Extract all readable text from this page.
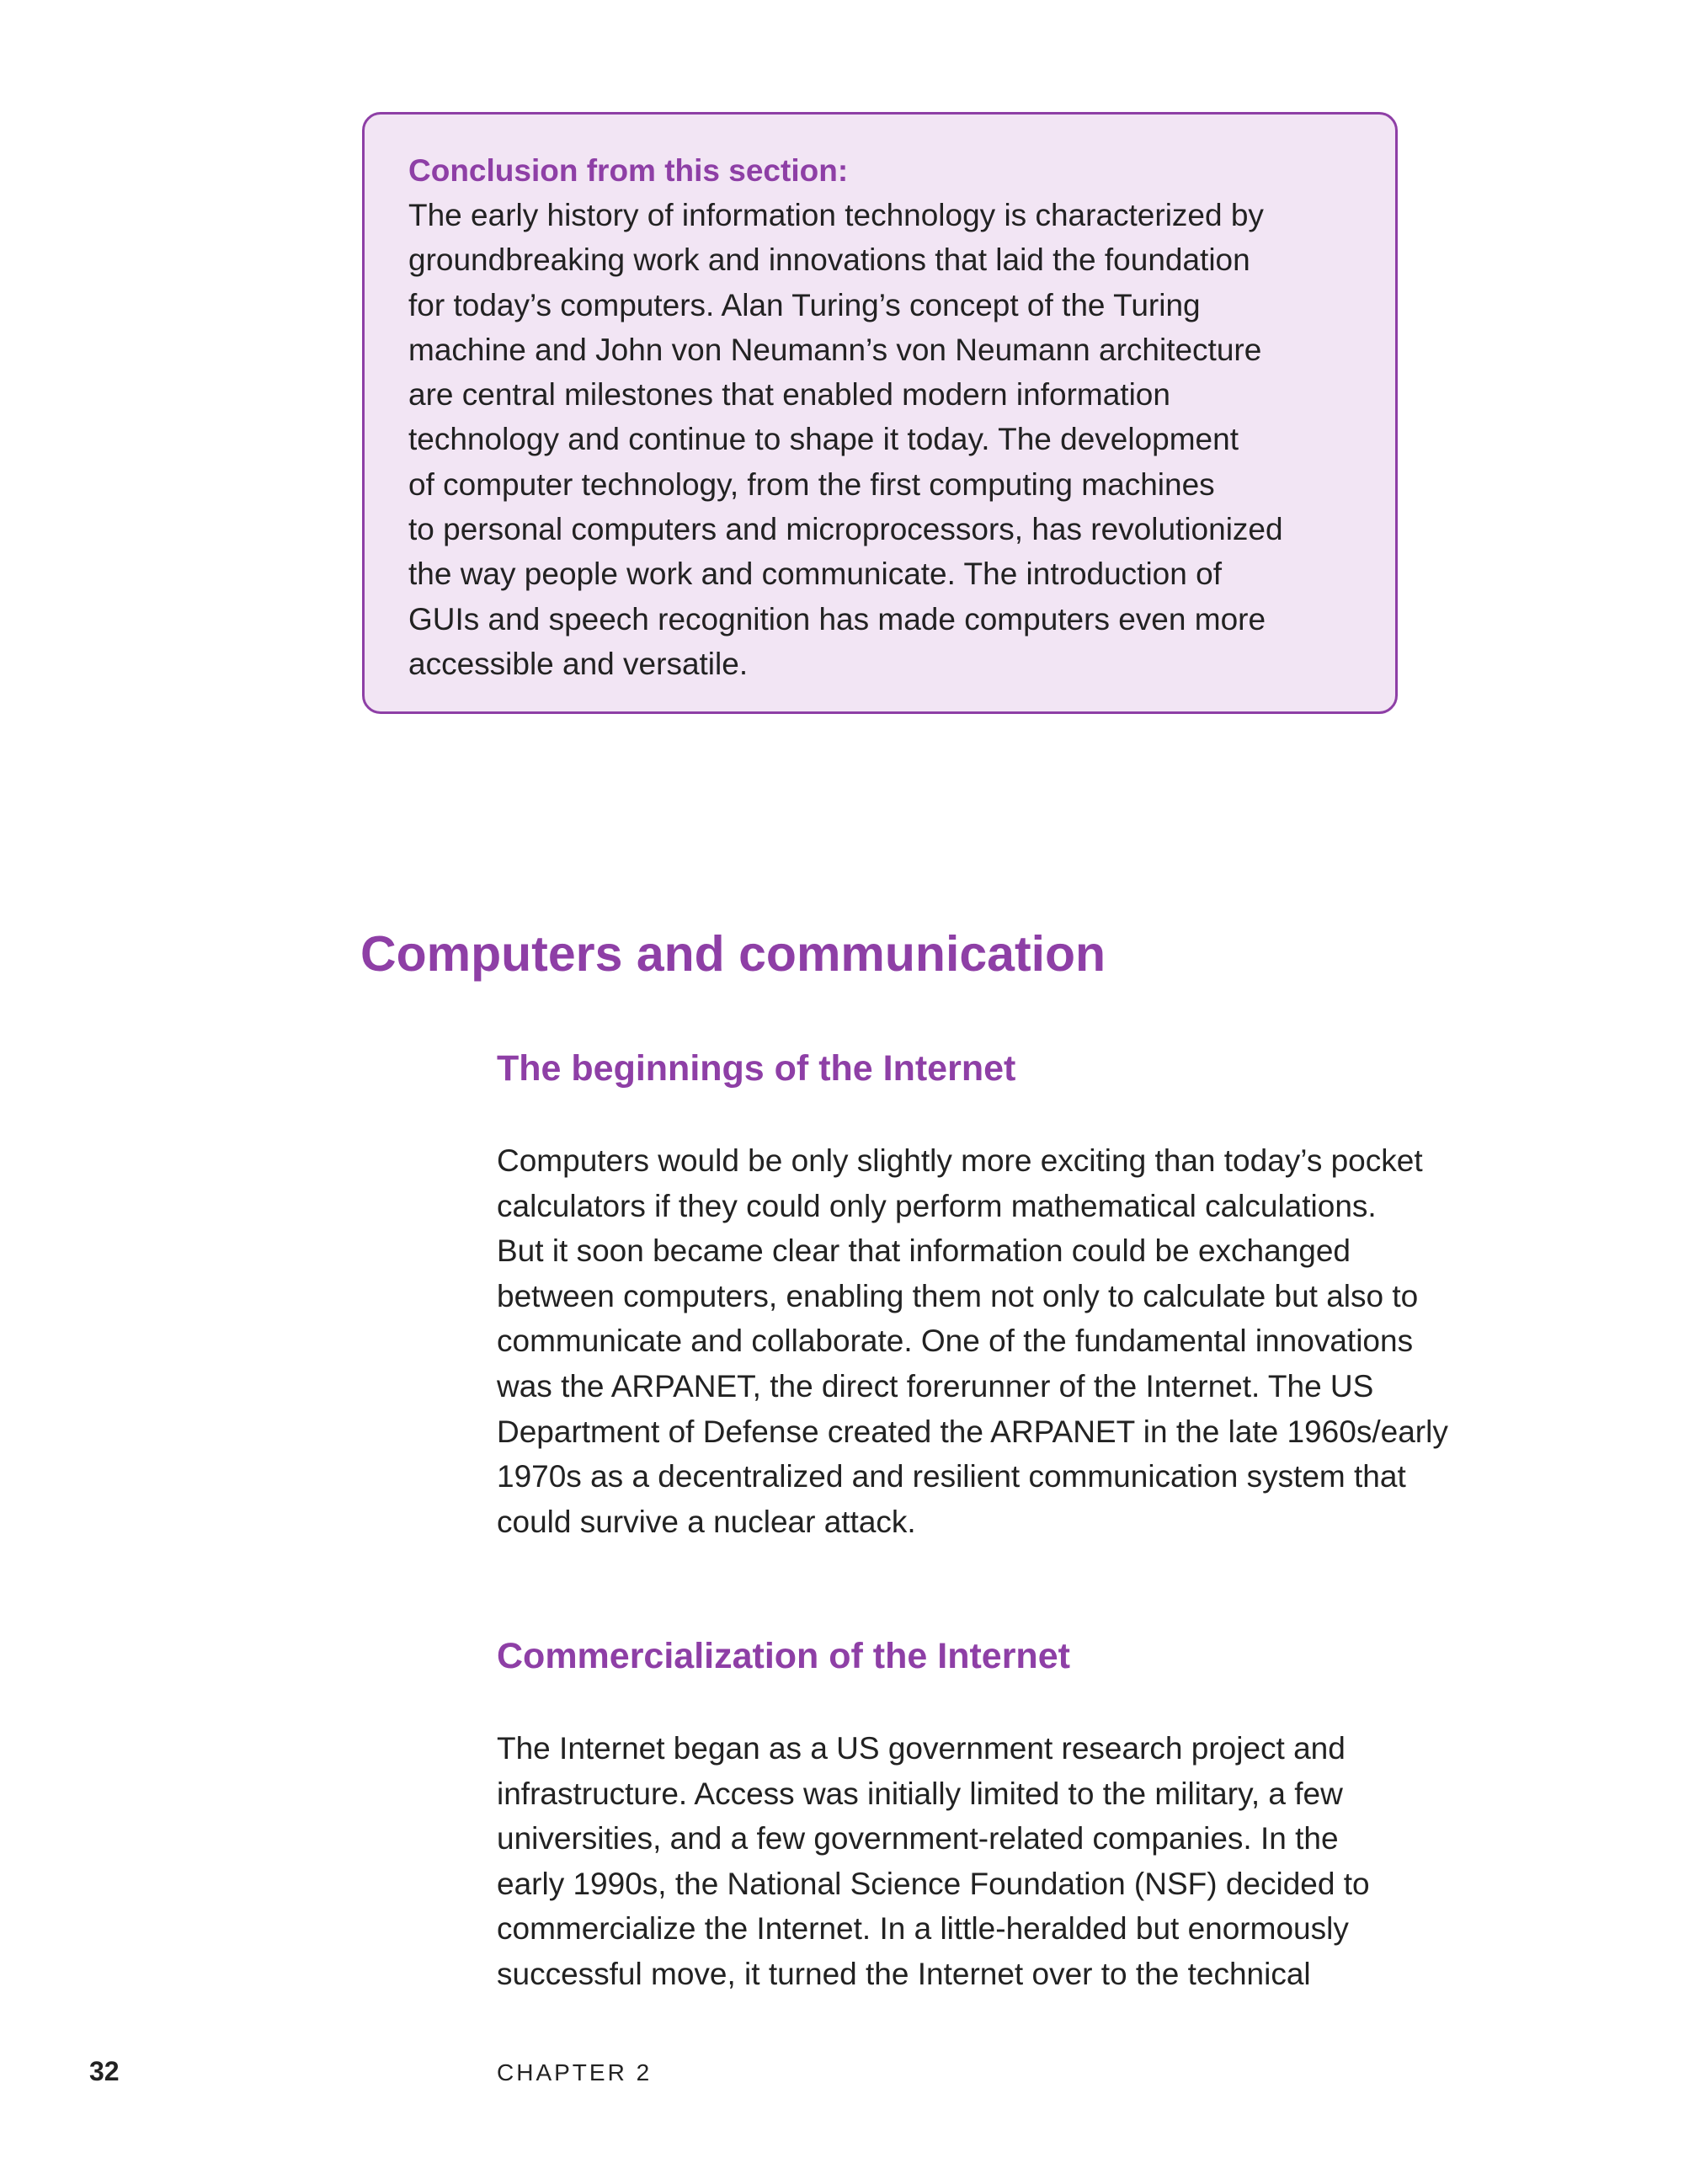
Conclusion from this section:

The early history of information technology is characterized by
groundbreaking work and innovations that laid the foundation
for today’s computers. Alan Turing’s concept of the Turing
machine and John von Neumann’s von Neumann architecture
are central milestones that enabled modern information
technology and continue to shape it today. The development
of computer technology, from the first computing machines
to personal computers and microprocessors, has revolutionized
the way people work and communicate. The introduction of
GUIs and speech recognition has made computers even more
accessible and versatile.

Computers and communication
The beginnings of the Internet

Computers would be only slightly more exciting than today’s pocket
calculators if they could only perform mathematical calculations.
But it soon became clear that information could be exchanged
between computers, enabling them not only to calculate but also to
communicate and collaborate. One of the fundamental innovations
was the ARPANET, the direct forerunner of the Internet. The US
Department of Defense created the ARPANET in the late 1960s/early
1970s as a decentralized and resilient communication system that
could survive a nuclear attack.

Commercialization of the Internet

The Internet began as a US government research project and
infrastructure. Access was initially limited to the military, a few
universities, and a few government-related companies. In the
early 1990s, the National Science Foundation (NSF) decided to
commercialize the Internet. In a little-heralded but enormously
successful move, it turned the Internet over to the technical

32	CHAPTER 2
